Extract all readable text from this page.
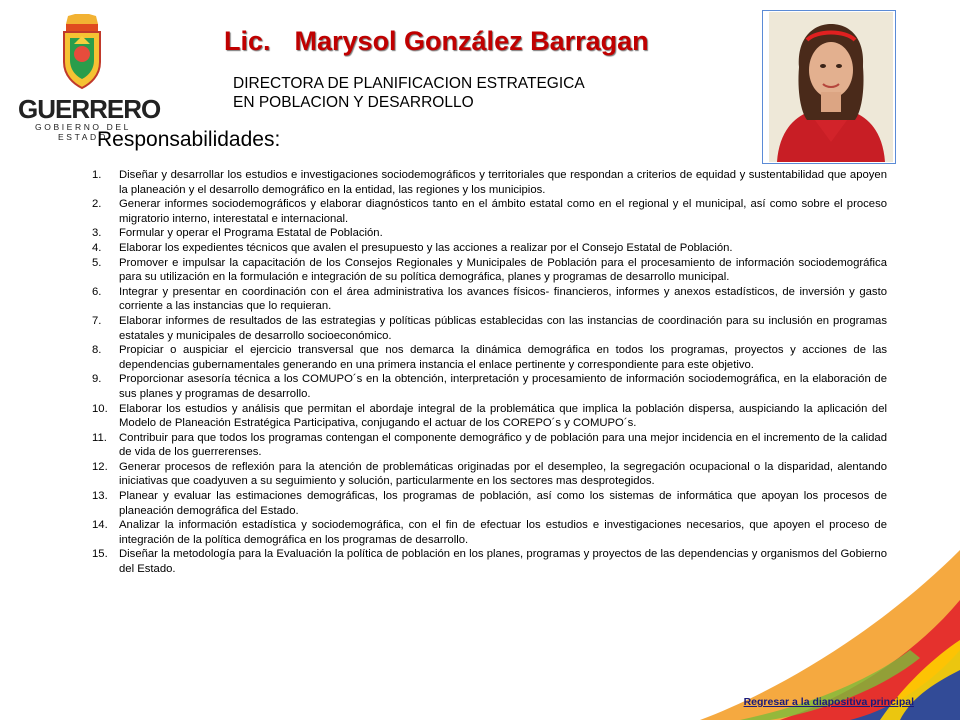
GUERRERO
GOBIERNO DEL ESTADO
Lic. Marysol González Barragan
DIRECTORA DE PLANIFICACION ESTRATEGICA
EN POBLACION Y DESARROLLO
Responsabilidades:
1. Diseñar y desarrollar los estudios e investigaciones sociodemográficos y territoriales que respondan a criterios de equidad y sustentabilidad que apoyen la planeación y el desarrollo demográfico en la entidad, las regiones y los municipios.
2. Generar informes sociodemográficos y elaborar diagnósticos tanto en el ámbito estatal como en el regional y el municipal, así como sobre el proceso migratorio interno, interestatal e internacional.
3. Formular y operar el Programa Estatal de Población.
4. Elaborar los expedientes técnicos que avalen el presupuesto y las acciones a realizar por el Consejo Estatal de Población.
5. Promover e impulsar la capacitación de los Consejos Regionales y Municipales de Población para el procesamiento de información sociodemográfica para su utilización en la formulación e integración de su política demográfica, planes y programas de desarrollo municipal.
6. Integrar y presentar en coordinación con el área administrativa los avances físicos- financieros, informes y anexos estadísticos, de inversión y gasto corriente a las instancias que lo requieran.
7. Elaborar informes de resultados de las estrategias y políticas públicas establecidas con las instancias de coordinación para su inclusión en programas estatales y municipales de desarrollo socioeconómico.
8. Propiciar o auspiciar el ejercicio transversal que nos demarca la dinámica demográfica en todos los programas, proyectos y acciones de las dependencias gubernamentales generando en una primera instancia el enlace pertinente y correspondiente para este objetivo.
9. Proporcionar asesoría técnica a los COMUPO´s en la obtención, interpretación y procesamiento de información sociodemográfica, en la elaboración de sus planes y programas de desarrollo.
10. Elaborar los estudios y análisis que permitan el abordaje integral de la problemática que implica la población dispersa, auspiciando la aplicación del Modelo de Planeación Estratégica Participativa, conjugando el actuar de los COREPO´s y COMUPO´s.
11. Contribuir para que todos los programas contengan el componente demográfico y de población para una mejor incidencia en el incremento de la calidad de vida de los guerrerenses.
12. Generar procesos de reflexión para la atención de problemáticas originadas por el desempleo, la segregación ocupacional o la disparidad, alentando iniciativas que coadyuven a su seguimiento y solución, particularmente en los sectores mas desprotegidos.
13. Planear y evaluar las estimaciones demográficas, los programas de población, así como los sistemas de informática que apoyan los procesos de planeación demográfica del Estado.
14. Analizar la información estadística y sociodemográfica, con el fin de efectuar los estudios e investigaciones necesarios, que apoyen el proceso de integración de la política demográfica en los programas de desarrollo.
15. Diseñar la metodología para la Evaluación la política de población en los planes, programas y proyectos de las dependencias y organismos del Gobierno del Estado.
Regresar a la diapositiva principal
